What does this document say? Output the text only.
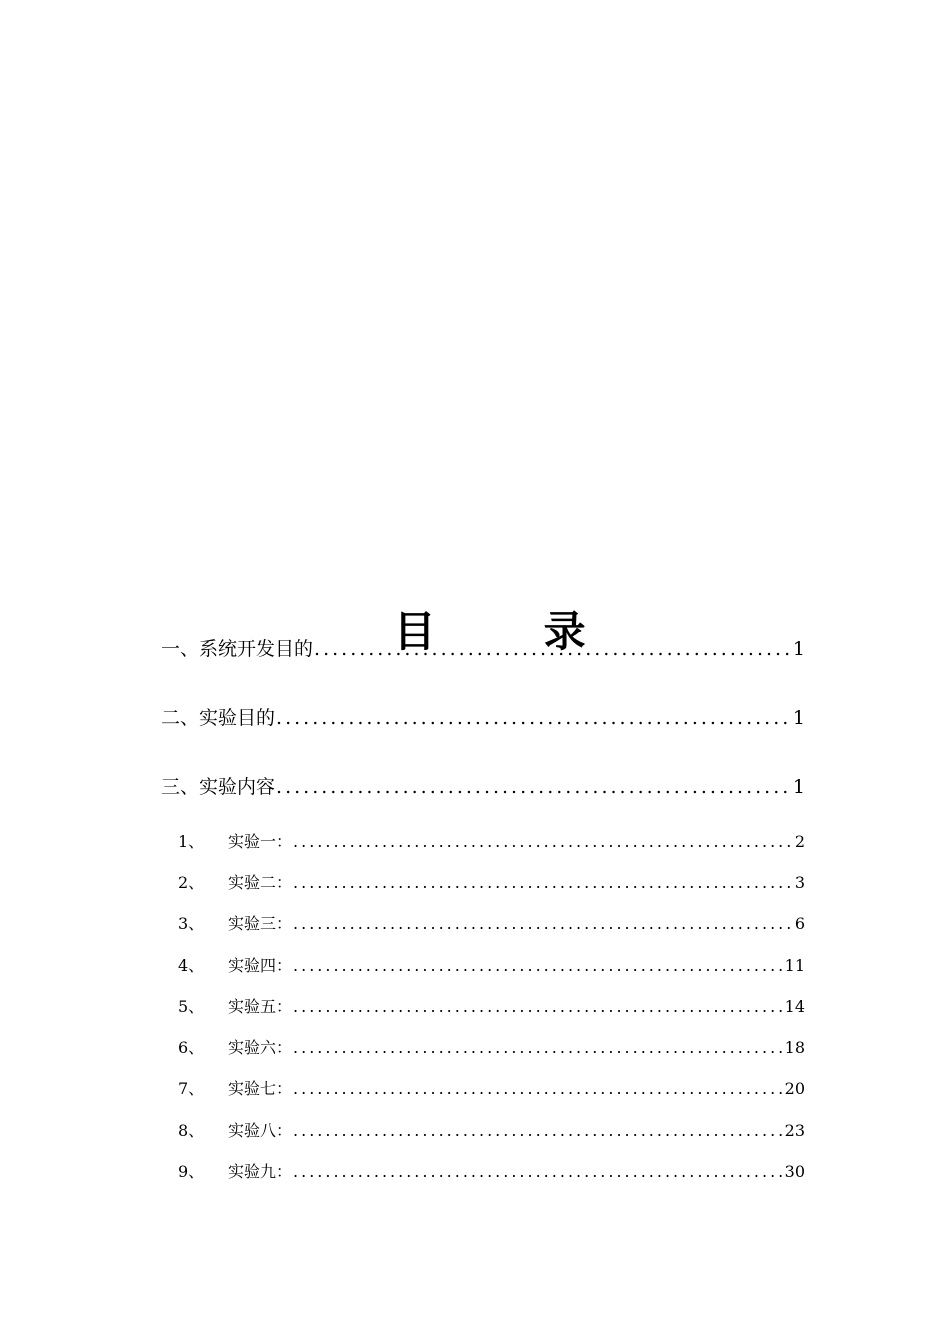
目	录

一、 系统开发目的 .....	1
二、 实验目的 .....	1
三、 实验内容 .....	1
1、	实验一： .....	2
2、	实验二： .....	3
3、	实验三： .....	6
4、	实验四： .....	11
5、	实验五： .....	14
6、	实验六： .....	18
7、	实验七： .....	20
8、	实验八： .....	23
9、	实验九： .....	30
